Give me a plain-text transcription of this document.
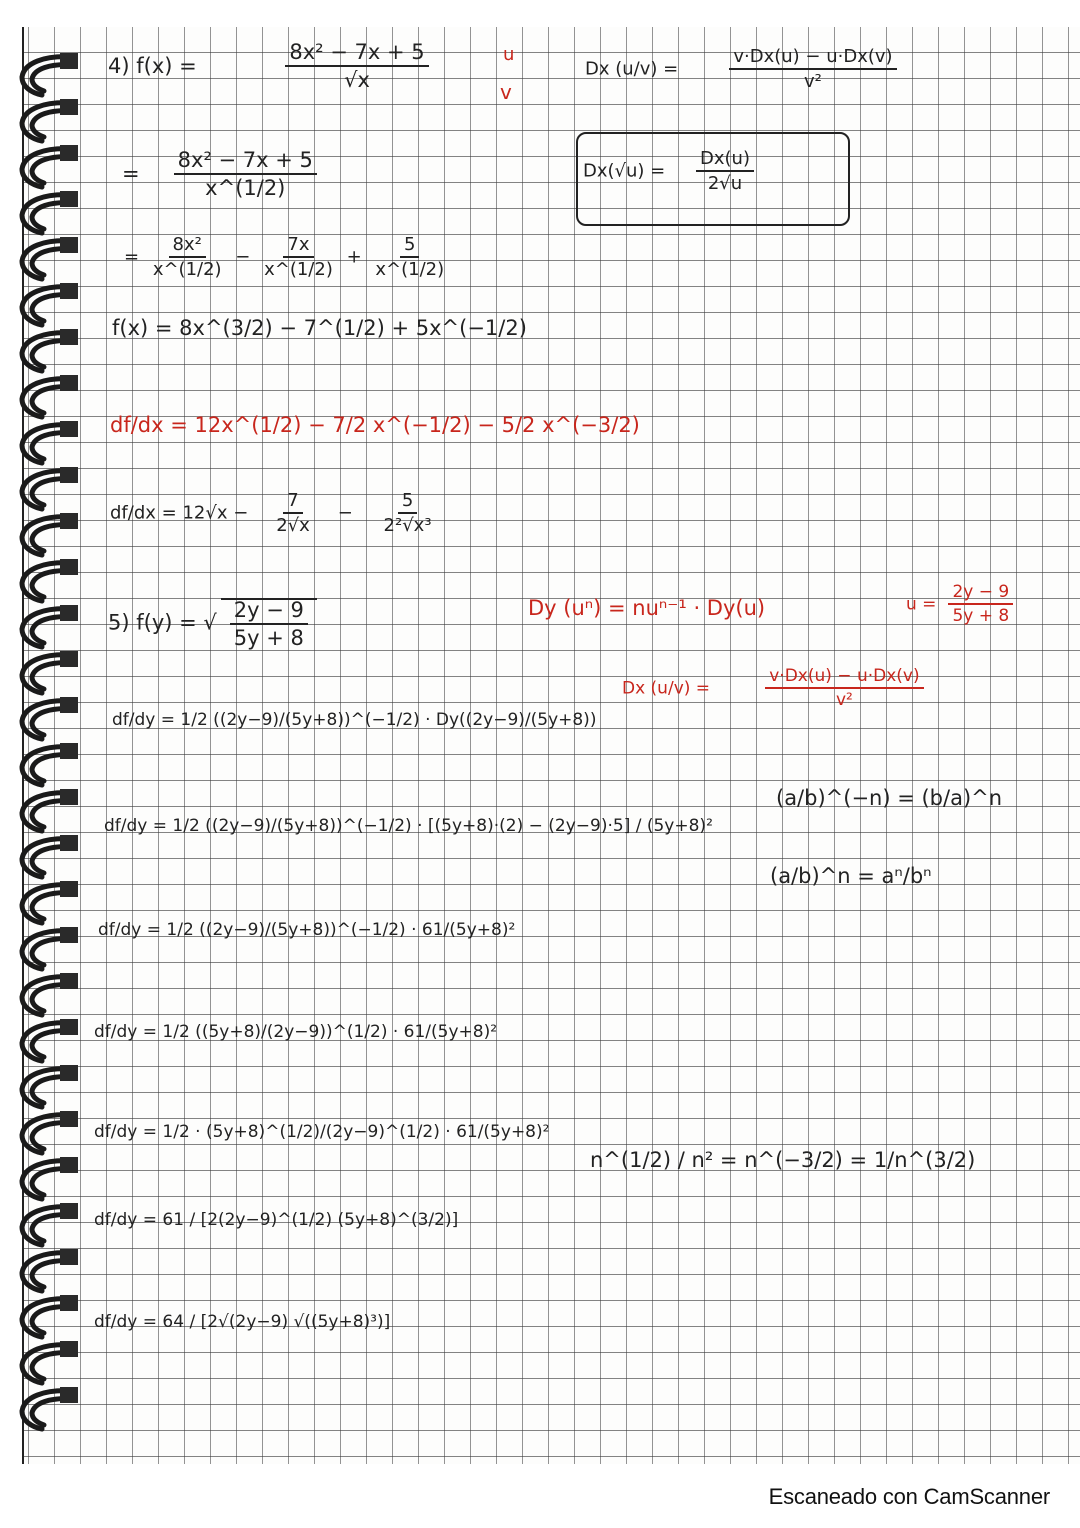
4) $f(x) = \frac{\text{8x² − 7x + 5}}{√x}$ u
v
= $\frac{\text{8x² − 7x + 5}}{x\^{}(1/2)}$
= $\frac{\text{8x²}}{x\^{}(1/2)} - \frac{7x}{x\^{}(1/2)} + \frac{5}{x\^{}(1/2)}$
f(x) = 8x^(3/2) − 7^(1/2) + 5x^(−1/2)
df/dx = 12x^(1/2) − 7/2 x^(−1/2) − 5/2 x^(−3/2)
$df/dx = 12√x - \frac{7}{2√x} - \frac{5}{\text{2²√x³}}$
Dx $(u/v) = \frac{v\cdot Dx(u) - u\cdot Dx(v)}{\text{v²}}$
$Dx(√u) = \frac{Dx(u)}{2√u}$
5) f(y) = √ $\frac{2y - 9}{5y + 8}$
df/dy = 1/2 ((2y−9)/(5y+8))^(−1/2) · Dy((2y−9)/(5y+8))
df/dy = 1/2 ((2y−9)/(5y+8))^(−1/2) · [(5y+8)·(2) − (2y−9)·5] / (5y+8)²
df/dy = 1/2 ((2y−9)/(5y+8))^(−1/2) · 61/(5y+8)²
df/dy = 1/2 ((5y+8)/(2y−9))^(1/2) · 61/(5y+8)²
df/dy = 1/2 · (5y+8)^(1/2)/(2y−9)^(1/2) · 61/(5y+8)²
df/dy = 61 / [2(2y−9)^(1/2) (5y+8)^(3/2)]
df/dy = 64 / [2√(2y−9) √((5y+8)³)]
Dy (uⁿ) = nuⁿ⁻¹ · Dy(u)	$u = \frac{2y - 9}{5y + 8}$
Dx $(u/v) = \frac{v\cdot Dx(u) - u\cdot Dx(v)}{\text{v²}}$
(a/b)^(−n) = (b/a)^n
(a/b)^n = aⁿ/bⁿ
n^(1/2) / n² = n^(−3/2) = 1/n^(3/2)
Escaneado con CamScanner
